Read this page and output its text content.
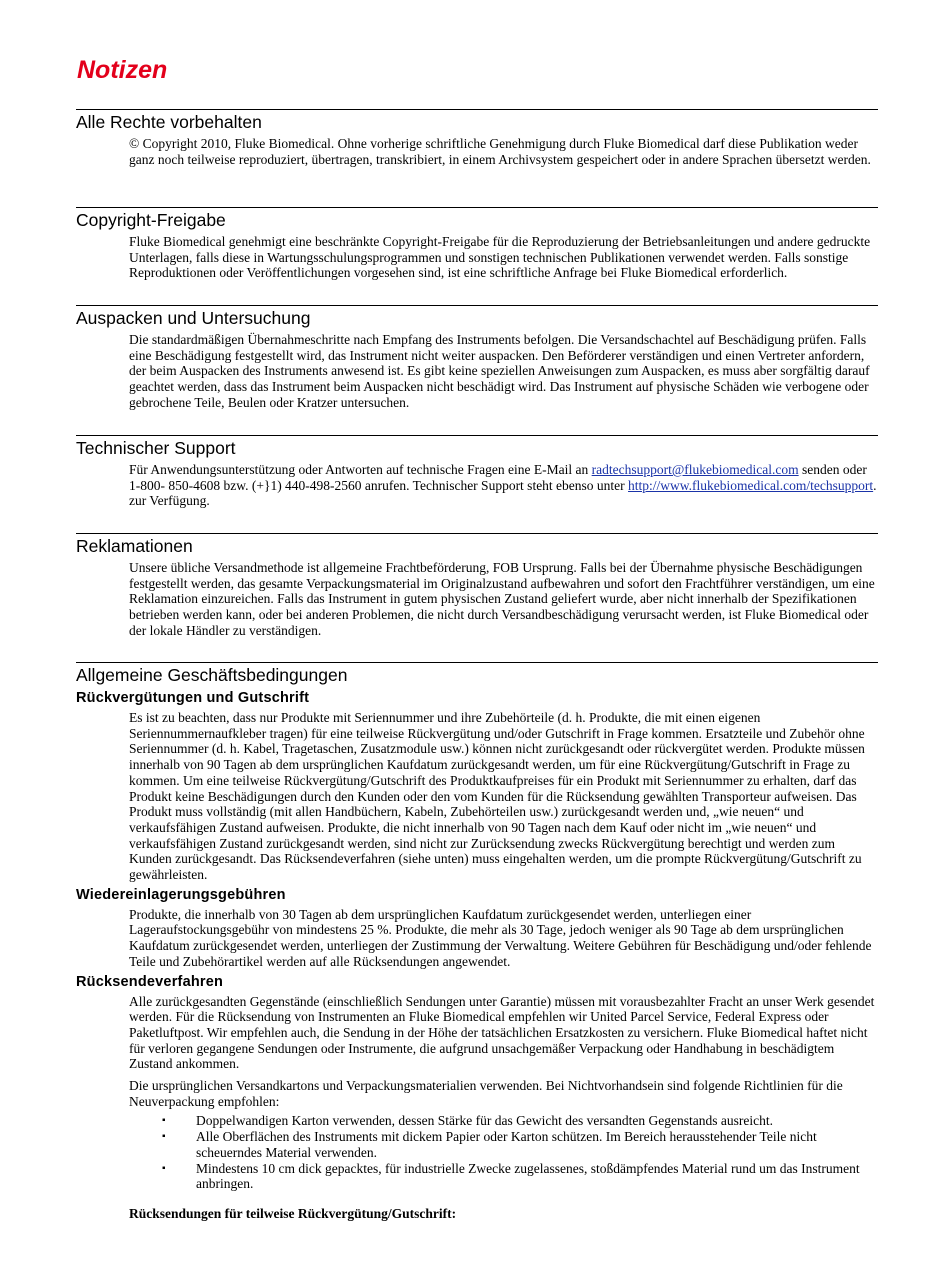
Notizen
Alle Rechte vorbehalten
© Copyright 2010, Fluke Biomedical. Ohne vorherige schriftliche Genehmigung durch Fluke Biomedical darf diese Publikation weder ganz noch teilweise reproduziert, übertragen, transkribiert, in einem Archivsystem gespeichert oder in andere Sprachen übersetzt werden.
Copyright-Freigabe
Fluke Biomedical genehmigt eine beschränkte Copyright-Freigabe für die Reproduzierung der Betriebsanleitungen und andere gedruckte Unterlagen, falls diese in Wartungsschulungsprogrammen und sonstigen technischen Publikationen verwendet werden. Falls sonstige Reproduktionen oder Veröffentlichungen vorgesehen sind, ist eine schriftliche Anfrage bei Fluke Biomedical erforderlich.
Auspacken und Untersuchung
Die standardmäßigen Übernahmeschritte nach Empfang des Instruments befolgen. Die Versandschachtel auf Beschädigung prüfen. Falls eine Beschädigung festgestellt wird, das Instrument nicht weiter auspacken. Den Beförderer verständigen und einen Vertreter anfordern, der beim Auspacken des Instruments anwesend ist. Es gibt keine speziellen Anweisungen zum Auspacken, es muss aber sorgfältig darauf geachtet werden, dass das Instrument beim Auspacken nicht beschädigt wird. Das Instrument auf physische Schäden wie verbogene oder gebrochene Teile, Beulen oder Kratzer untersuchen.
Technischer Support
Für Anwendungsunterstützung oder Antworten auf technische Fragen eine E-Mail an radtechsupport@flukebiomedical.com senden oder 1-800- 850-4608 bzw. (+}1) 440-498-2560 anrufen. Technischer Support steht ebenso unter http://www.flukebiomedical.com/techsupport. zur Verfügung.
Reklamationen
Unsere übliche Versandmethode ist allgemeine Frachtbeförderung, FOB Ursprung. Falls bei der Übernahme physische Beschädigungen festgestellt werden, das gesamte Verpackungsmaterial im Originalzustand aufbewahren und sofort den Frachtführer verständigen, um eine Reklamation einzureichen. Falls das Instrument in gutem physischen Zustand geliefert wurde, aber nicht innerhalb der Spezifikationen betrieben werden kann, oder bei anderen Problemen, die nicht durch Versandbeschädigung verursacht werden, ist Fluke Biomedical oder der lokale Händler zu verständigen.
Allgemeine Geschäftsbedingungen
Rückvergütungen und Gutschrift
Es ist zu beachten, dass nur Produkte mit Seriennummer und ihre Zubehörteile (d. h. Produkte, die mit einen eigenen Seriennummernaufkleber tragen) für eine teilweise Rückvergütung und/oder Gutschrift in Frage kommen. Ersatzteile und Zubehör ohne Seriennummer (d. h. Kabel, Tragetaschen, Zusatzmodule usw.) können nicht zurückgesandt oder rückvergütet werden. Produkte müssen innerhalb von 90 Tagen ab dem ursprünglichen Kaufdatum zurückgesandt werden, um für eine Rückvergütung/Gutschrift in Frage zu kommen. Um eine teilweise Rückvergütung/Gutschrift des Produktkaufpreises für ein Produkt mit Seriennummer zu erhalten, darf das Produkt keine Beschädigungen durch den Kunden oder den vom Kunden für die Rücksendung gewählten Transporteur aufweisen. Das Produkt muss vollständig (mit allen Handbüchern, Kabeln, Zubehörteilen usw.) zurückgesandt werden und, „wie neuen“ und verkaufsfähigen Zustand aufweisen. Produkte, die nicht innerhalb von 90 Tagen nach dem Kauf oder nicht im „wie neuen“ und verkaufsfähigen Zustand zurückgesandt werden, sind nicht zur Zurücksendung zwecks Rückvergütung berechtigt und werden zum Kunden zurückgesandt. Das Rücksendeverfahren (siehe unten) muss eingehalten werden, um die prompte Rückvergütung/Gutschrift zu gewährleisten.
Wiedereinlagerungsgebühren
Produkte, die innerhalb von 30 Tagen ab dem ursprünglichen Kaufdatum zurückgesendet werden, unterliegen einer Lageraufstockungsgebühr von mindestens 25 %. Produkte, die mehr als 30 Tage, jedoch weniger als 90 Tage ab dem ursprünglichen Kaufdatum zurückgesendet werden, unterliegen der Zustimmung der Verwaltung. Weitere Gebühren für Beschädigung und/oder fehlende Teile und Zubehörartikel werden auf alle Rücksendungen angewendet.
Rücksendeverfahren
Alle zurückgesandten Gegenstände (einschließlich Sendungen unter Garantie) müssen mit vorausbezahlter Fracht an unser Werk gesendet werden. Für die Rücksendung von Instrumenten an Fluke Biomedical empfehlen wir United Parcel Service, Federal Express oder Paketluftpost. Wir empfehlen auch, die Sendung in der Höhe der tatsächlichen Ersatzkosten zu versichern. Fluke Biomedical haftet nicht für verloren gegangene Sendungen oder Instrumente, die aufgrund unsachgemäßer Verpackung oder Handhabung in beschädigtem Zustand ankommen.
Die ursprünglichen Versandkartons und Verpackungsmaterialien verwenden. Bei Nichtvorhandsein sind folgende Richtlinien für die Neuverpackung empfohlen:
▪ Doppelwandigen Karton verwenden, dessen Stärke für das Gewicht des versandten Gegenstands ausreicht.
▪ Alle Oberflächen des Instruments mit dickem Papier oder Karton schützen. Im Bereich herausstehender Teile nicht scheuerndes Material verwenden.
▪ Mindestens 10 cm dick gepacktes, für industrielle Zwecke zugelassenes, stoßdämpfendes Material rund um das Instrument anbringen.
Rücksendungen für teilweise Rückvergütung/Gutschrift:
